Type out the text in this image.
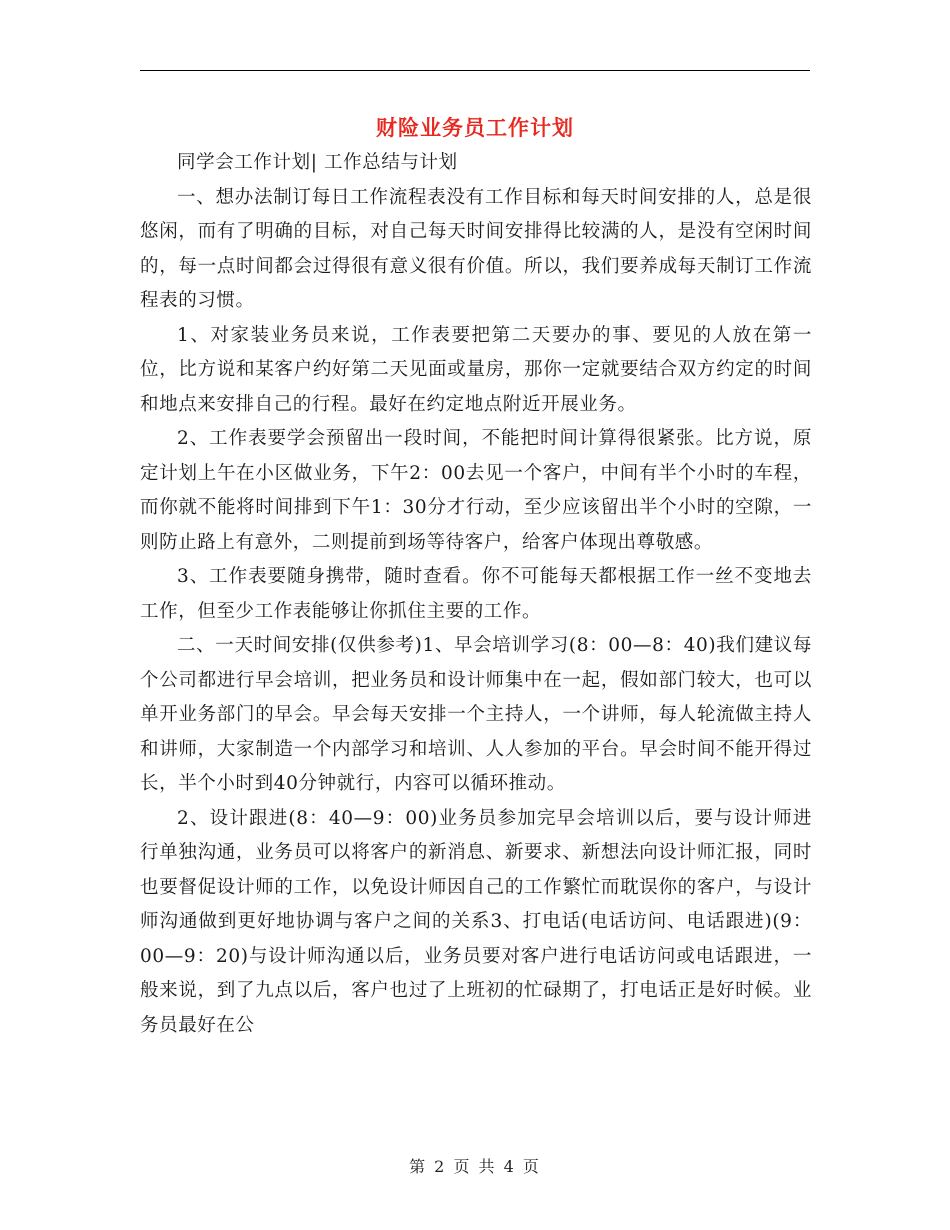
财险业务员工作计划

同学会工作计划| 工作总结与计划

一、想办法制订每日工作流程表没有工作目标和每天时间安排的人，总是很悠闲，而有了明确的目标，对自己每天时间安排得比较满的人，是没有空闲时间的，每一点时间都会过得很有意义很有价值。所以，我们要养成每天制订工作流程表的习惯。

1、对家装业务员来说，工作表要把第二天要办的事、要见的人放在第一位，比方说和某客户约好第二天见面或量房，那你一定就要结合双方约定的时间和地点来安排自己的行程。最好在约定地点附近开展业务。

2、工作表要学会预留出一段时间，不能把时间计算得很紧张。比方说，原定计划上午在小区做业务，下午2：00去见一个客户，中间有半个小时的车程，而你就不能将时间排到下午1：30分才行动，至少应该留出半个小时的空隙，一则防止路上有意外，二则提前到场等待客户，给客户体现出尊敬感。

3、工作表要随身携带，随时查看。你不可能每天都根据工作一丝不变地去工作，但至少工作表能够让你抓住主要的工作。

二、一天时间安排(仅供参考)1、早会培训学习(8：00—8：40)我们建议每个公司都进行早会培训，把业务员和设计师集中在一起，假如部门较大，也可以单开业务部门的早会。早会每天安排一个主持人，一个讲师，每人轮流做主持人和讲师，大家制造一个内部学习和培训、人人参加的平台。早会时间不能开得过长，半个小时到40分钟就行，内容可以循环推动。

2、设计跟进(8：40—9：00)业务员参加完早会培训以后，要与设计师进行单独沟通，业务员可以将客户的新消息、新要求、新想法向设计师汇报，同时也要督促设计师的工作，以免设计师因自己的工作繁忙而耽误你的客户，与设计师沟通做到更好地协调与客户之间的关系3、打电话(电话访问、电话跟进)(9：00—9：20)与设计师沟通以后，业务员要对客户进行电话访问或电话跟进，一般来说，到了九点以后，客户也过了上班初的忙碌期了，打电话正是好时候。业务员最好在公

第 2 页 共 4 页
